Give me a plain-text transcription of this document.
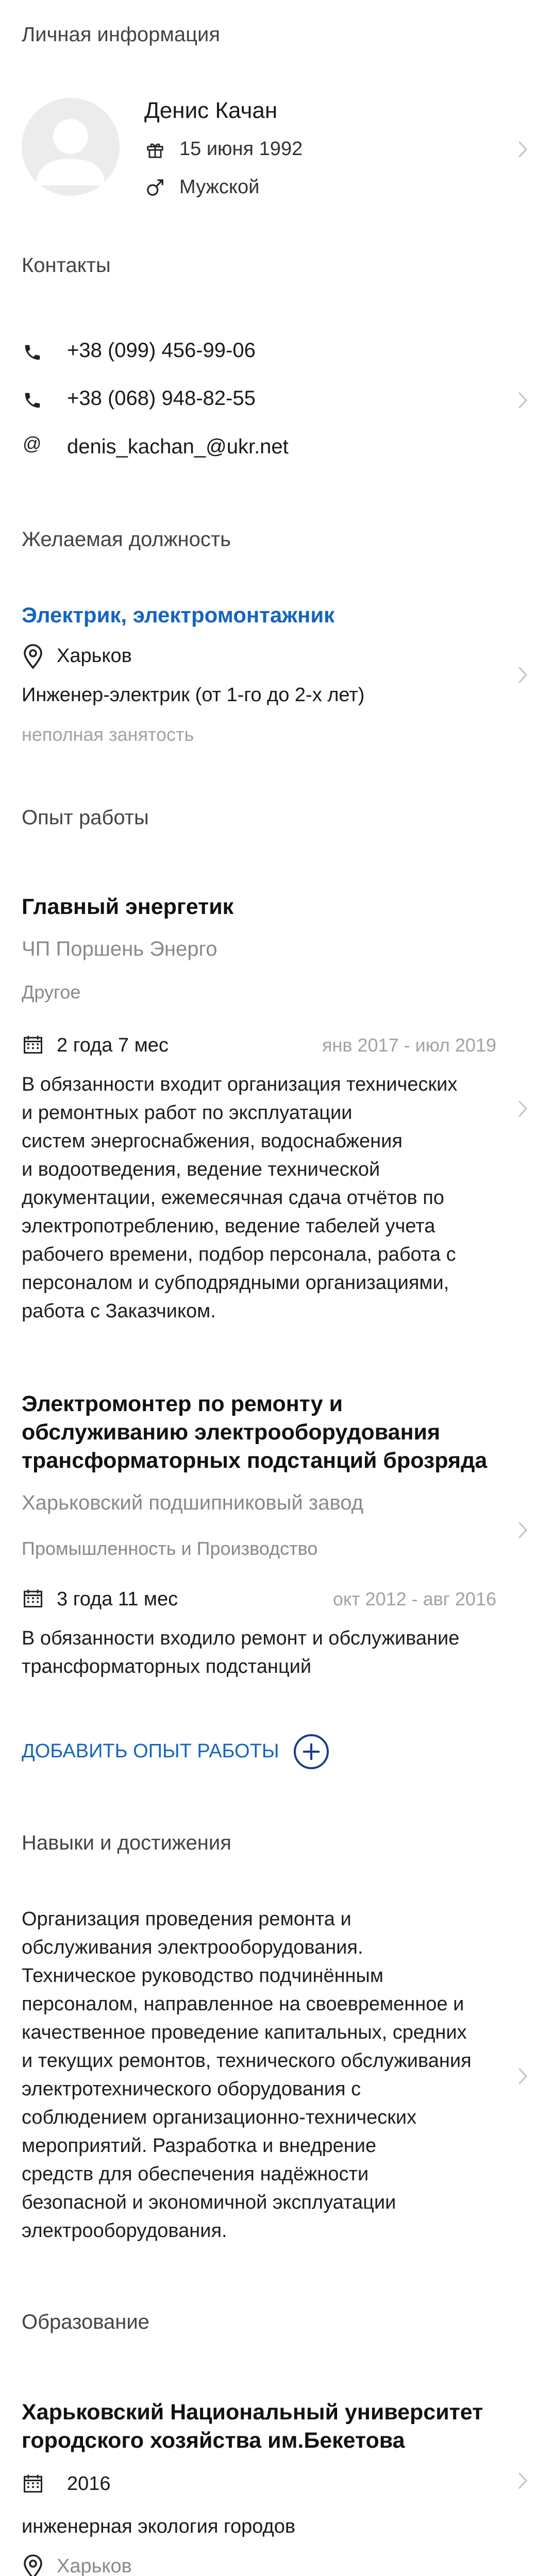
Личная информация
Денис Качан
15 июня 1992
Мужской
Контакты
+38 (099) 456-99-06
+38 (068) 948-82-55
@ denis_kachan_@ukr.net
Желаемая должность
Электрик, электромонтажник
Харьков
Инженер-электрик (от 1-го до 2-х лет)
неполная занятость
Опыт работы
Главный энергетик
ЧП Поршень Энерго
Другое
2 года 7 мес	янв 2017 - июл 2019
В обязанности входит организация технических
и ремонтных работ по эксплуатации
систем энергоснабжения, водоснабжения
и водоотведения, ведение технической
документации, ежемесячная сдача отчётов по
электропотреблению, ведение табелей учета
рабочего времени, подбор персонала, работа с
персоналом и субподрядными организациями,
работа с Заказчиком.
Электромонтер по ремонту и
обслуживанию электрооборудования
трансформаторных подстанций брозряда
Харьковский подшипниковый завод
Промышленность и Производство
3 года 11 мес	окт 2012 - авг 2016
В обязанности входило ремонт и обслуживание
трансформаторных подстанций
ДОБАВИТЬ ОПЫТ РАБОТЫ
Навыки и достижения
Организация проведения ремонта и
обслуживания электрооборудования.
Техническое руководство подчинённым
персоналом, направленное на своевременное и
качественное проведение капитальных, средних
и текущих ремонтов, технического обслуживания
электротехнического оборудования с
соблюдением организационно-технических
мероприятий. Разработка и внедрение
средств для обеспечения надёжности
безопасной и экономичной эксплуатации
электрооборудования.
Образование
Харьковский Национальный университет
городского хозяйства им.Бекетова
2016
инженерная экология городов
Харьков
